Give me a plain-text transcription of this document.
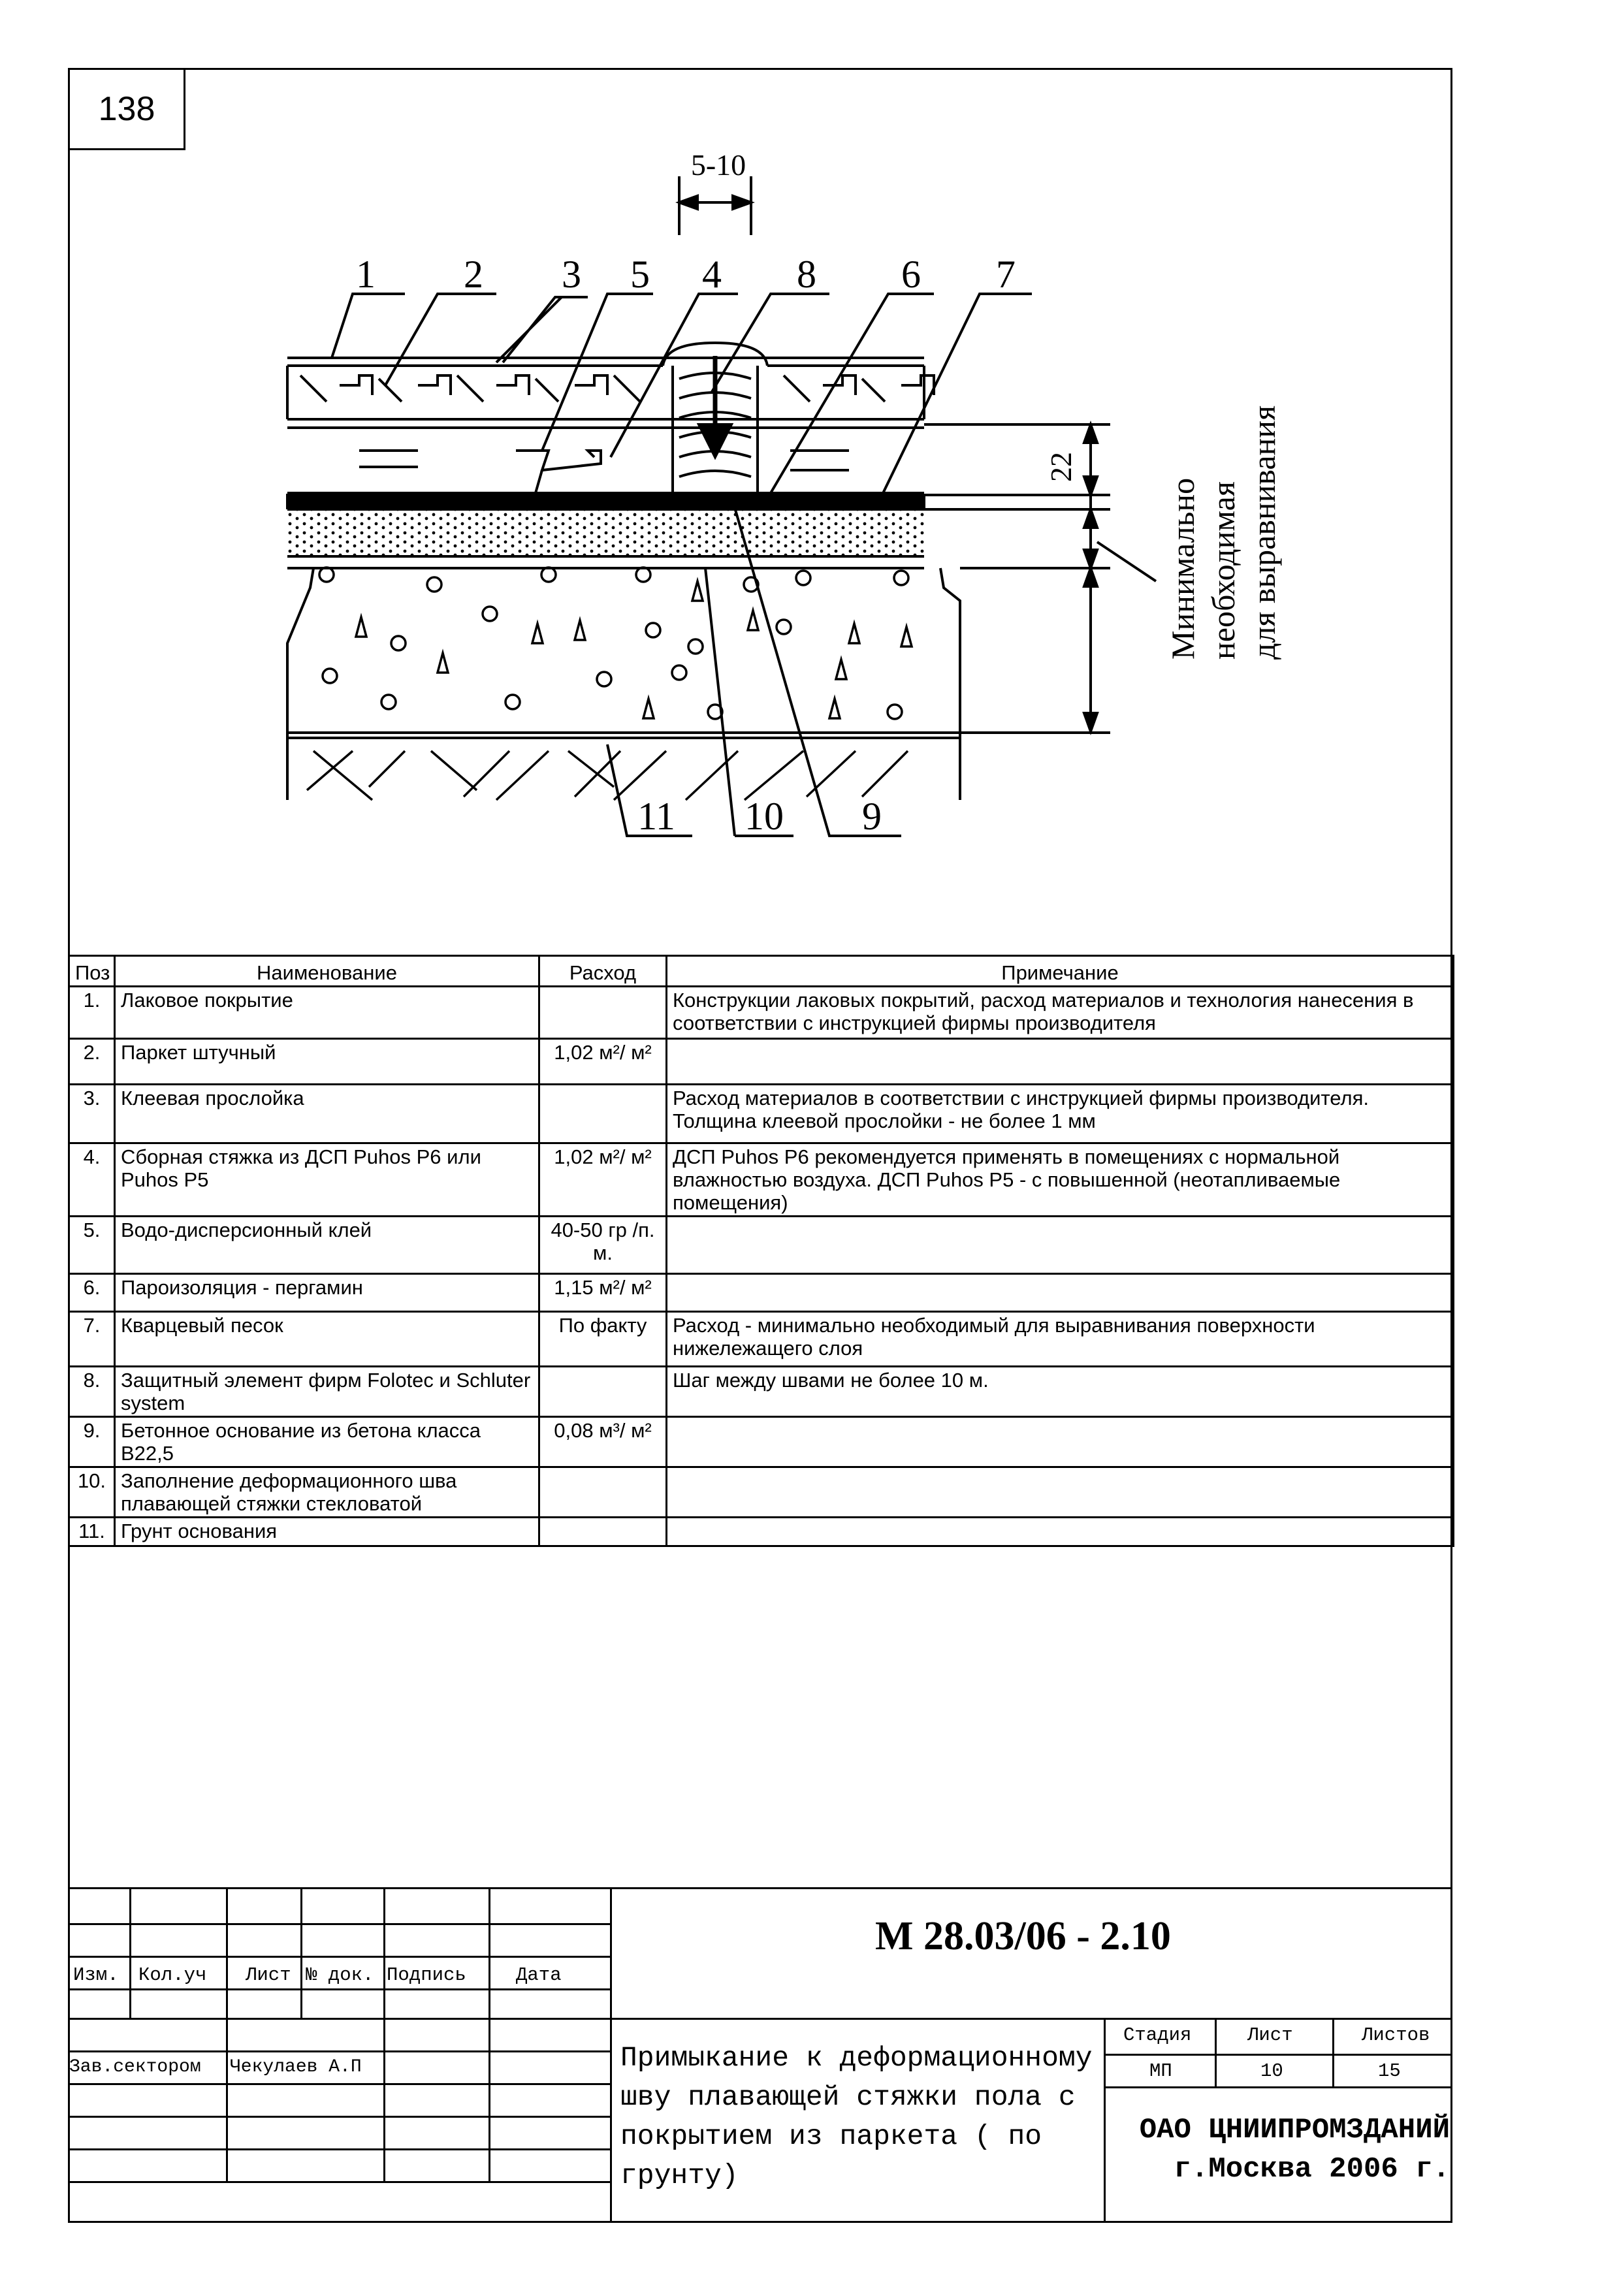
138
5-10
22
1 2 3 5 4 8 6 7
11 10 9
Минимально необходимая для выравнивания
Поз	Наименование	Расход	Примечание
1.	Лаковое покрытие		Конструкции лаковых покрытий, расход материалов и технология нанесения в соответствии с инструкцией фирмы производителя
2.	Паркет штучный	1,02 м²/ м²	
3.	Клеевая прослойка		Расход материалов в соответствии с инструкцией фирмы производителя. Толщина клеевой прослойки - не более 1 мм
4.	Сборная стяжка из ДСП Puhos P6 или Puhos P5	1,02 м²/ м²	ДСП Puhos P6 рекомендуется применять в помещениях с нормальной влажностью воздуха. ДСП Puhos P5 - с повышенной (неотапливаемые помещения)
5.	Водо-дисперсионный клей	40-50 гр /п. м.	
6.	Пароизоляция - пергамин	1,15 м²/ м²	
7.	Кварцевый песок	По факту	Расход - минимально необходимый для выравнивания поверхности нижележащего слоя
8.	Защитный элемент фирм Folotec и Schluter system		Шаг между швами не более 10 м.
9.	Бетонное основание из бетона класса B22,5	0,08 м³/ м²	
10.	Заполнение деформационного шва плавающей стяжки стекловатой		
11.	Грунт основания		
М 28.03/06 - 2.10
Изм. Кол.уч Лист № док. Подпись	Дата
Зав.сектором Чекулаев А.П	Примыкание к деформационному шву плавающей стяжки пола с покрытием из паркета ( по грунту)
Стадия	Лист	Листов
МП	10	15
ОАО ЦНИИПРОМЗДАНИЙ
г.Москва 2006 г.
